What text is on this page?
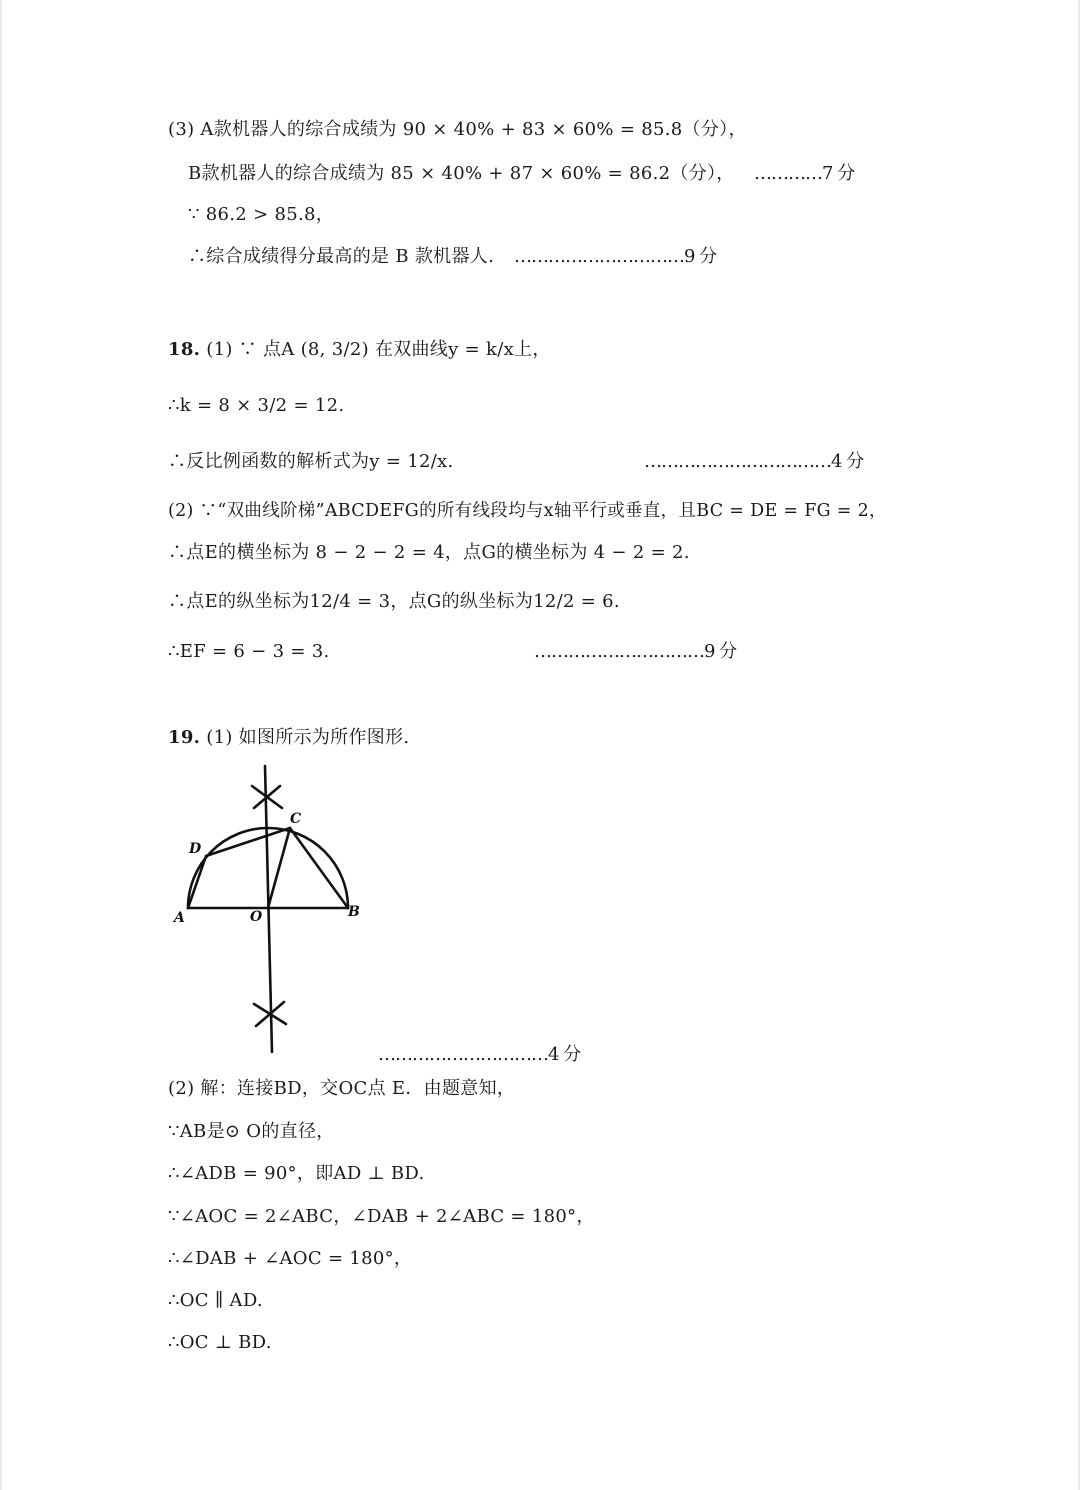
(3) A款机器人的综合成绩为 90 × 40% + 83 × 60% = 85.8（分），
B款机器人的综合成绩为 85 × 40% + 87 × 60% = 86.2（分）， …………7 分
∵ 86.2 > 85.8，
∴综合成绩得分最高的是 B 款机器人. …………………………9 分
18. (1) ∵ 点A (8, 3/2) 在双曲线y = k/x上，
∴k = 8 × 3/2 = 12.
∴反比例函数的解析式为y = 12/x.	……………………………4 分
(2) ∵“双曲线阶梯”ABCDEFG的所有线段均与x轴平行或垂直，且BC = DE = FG = 2，
∴点E的横坐标为 8 − 2 − 2 = 4，点G的横坐标为 4 − 2 = 2.
∴点E的纵坐标为12/4 = 3，点G的纵坐标为12/2 = 6.
∴EF = 6 − 3 = 3.	…………………………9 分
19. (1) 如图所示为所作图形.
A	O	B
C
D
…………………………4 分
(2) 解：连接BD，交OC点 E．由题意知，
∵AB是⊙ O的直径，
∴∠ADB = 90°，即AD ⊥ BD.
∵∠AOC = 2∠ABC，∠DAB + 2∠ABC = 180°，
∴∠DAB + ∠AOC = 180°，
∴OC ∥ AD.
∴OC ⊥ BD.
